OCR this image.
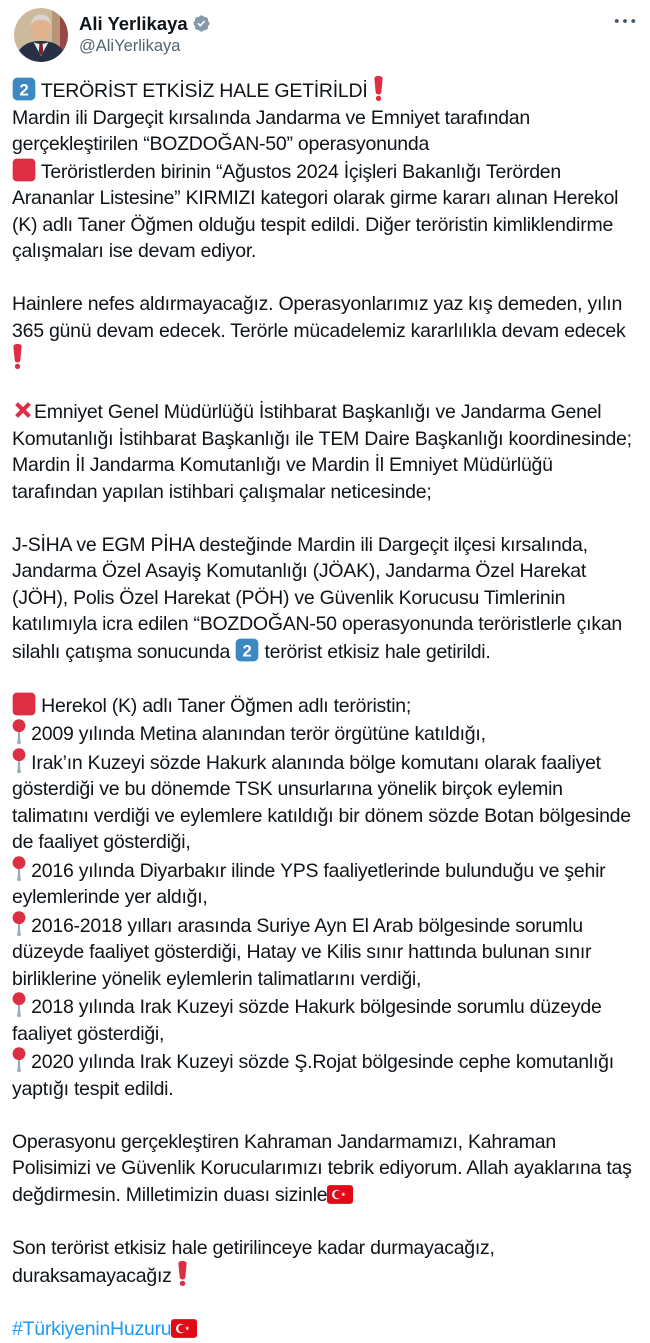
Ali Yerlikaya
@AliYerlikaya

2 TERÖRİST ETKİSİZ HALE GETİRİLDİ
Mardin ili Dargeçit kırsalında Jandarma ve Emniyet tarafından gerçekleştirilen “BOZDOĞAN-50” operasyonunda
Teröristlerden birinin “Ağustos 2024 İçişleri Bakanlığı Terörden Arananlar Listesine” KIRMIZI kategori olarak girme kararı alınan Herekol (K) adlı Taner Öğmen olduğu tespit edildi. Diğer teröristin kimliklendirme çalışmaları ise devam ediyor.

Hainlere nefes aldırmayacağız. Operasyonlarımız yaz kış demeden, yılın 365 günü devam edecek. Terörle mücadelemiz kararlılıkla devam edecek

Emniyet Genel Müdürlüğü İstihbarat Başkanlığı ve Jandarma Genel Komutanlığı İstihbarat Başkanlığı ile TEM Daire Başkanlığı koordinesinde; Mardin İl Jandarma Komutanlığı ve Mardin İl Emniyet Müdürlüğü tarafından yapılan istihbari çalışmalar neticesinde;

J-SİHA ve EGM PİHA desteğinde Mardin ili Dargeçit ilçesi kırsalında, Jandarma Özel Asayiş Komutanlığı (JÖAK), Jandarma Özel Harekat (JÖH), Polis Özel Harekat (PÖH) ve Güvenlik Korucusu Timlerinin katılımıyla icra edilen “BOZDOĞAN-50 operasyonunda teröristlerle çıkan silahlı çatışma sonucunda 2 terörist etkisiz hale getirildi.

Herekol (K) adlı Taner Öğmen adlı teröristin;
2009 yılında Metina alanından terör örgütüne katıldığı,
Irak’ın Kuzeyi sözde Hakurk alanında bölge komutanı olarak faaliyet gösterdiği ve bu dönemde TSK unsurlarına yönelik birçok eylemin talimatını verdiği ve eylemlere katıldığı bir dönem sözde Botan bölgesinde de faaliyet gösterdiği,
2016 yılında Diyarbakır ilinde YPS faaliyetlerinde bulunduğu ve şehir eylemlerinde yer aldığı,
2016-2018 yılları arasında Suriye Ayn El Arab bölgesinde sorumlu düzeyde faaliyet gösterdiği, Hatay ve Kilis sınır hattında bulunan sınır birliklerine yönelik eylemlerin talimatlarını verdiği,
2018 yılında Irak Kuzeyi sözde Hakurk bölgesinde sorumlu düzeyde faaliyet gösterdiği,
2020 yılında Irak Kuzeyi sözde Ş.Rojat bölgesinde cephe komutanlığı yaptığı tespit edildi.

Operasyonu gerçekleştiren Kahraman Jandarmamızı, Kahraman Polisimizi ve Güvenlik Korucularımızı tebrik ediyorum. Allah ayaklarına taş değdirmesin. Milletimizin duası sizinle

Son terörist etkisiz hale getirilinceye kadar durmayacağız, duraksamayacağız

#TürkiyeninHuzuru
